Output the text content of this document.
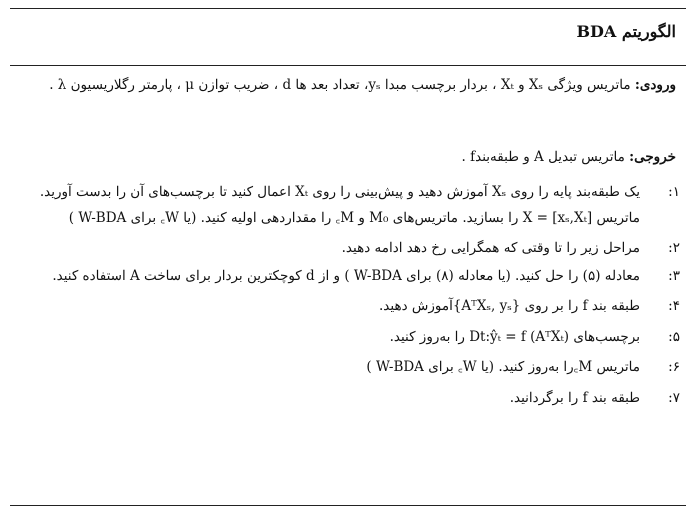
الگوریتم BDA
ورودی: ماتریس ویژگی Xₛ و Xₜ ، بردار برچسب مبدا yₛ، تعداد بعد ها d ، ضریب توازن μ ، پارمتر رگلاریسیون λ .
خروجی: ماتریس تبدیل A و طبقه‌بندf .
۱:
یک طبقه‌بند پایه را روی Xₛ آموزش دهید و پیش‌بینی را روی Xₜ اعمال کنید تا برچسب‌های آن را بدست آورید. ماتریس X = [xₛ,Xₜ] را بسازید. ماتریس‌های M₀ و M꜀ را مقداردهی اولیه کنید. (یا W꜀ برای W-BDA )
۲:
مراحل زیر را تا وقتی که همگرایی رخ دهد ادامه دهید.
۳:
معادله (۵) را حل کنید. (یا معادله (۸) برای W-BDA ) و از d کوچکترین بردار برای ساخت A استفاده کنید.
۴:
طبقه بند f را بر روی {AᵀXₛ, yₛ}آموزش دهید.
۵:
برچسب‌های Dt:ŷₜ = f (AᵀXₜ) را به‌روز کنید.
۶:
ماتریس M꜀را به‌روز کنید. (یا W꜀ برای W-BDA )
۷:
طبقه بند f را برگردانید.
